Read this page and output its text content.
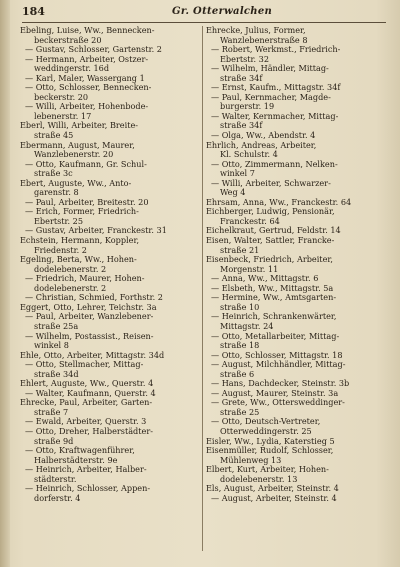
184	Gr. Otterwalchen
Ebeling, Luise, Ww., Bennecken-
beckerstraße 20
— Gustav, Schlosser, Gartenstr. 2
— Hermann, Arbeiter, Ostzer-
weddingerstr. 16d
— Karl, Maler, Wassergang 1
— Otto, Schlosser, Bennecken-
beckerstr. 20
— Willi, Arbeiter, Hohenbode-
lebenerstr. 17
Eberl, Willi, Arbeiter, Breite-
straße 45
Ebermann, August, Maurer,
Wanzlebenerstr. 20
— Otto, Kaufmann, Gr. Schul-
straße 3c
Ebert, Auguste, Ww., Anto-
garenstr. 8
— Paul, Arbeiter, Breitestr. 20
— Erich, Former, Friedrich-
Ebertstr. 25
— Gustav, Arbeiter, Franckestr. 31
Echstein, Hermann, Koppler,
Friedenstr. 2
Egeling, Berta, Ww., Hohen-
dodelebenerstr. 2
— Friedrich, Maurer, Hohen-
dodelebenerstr. 2
— Christian, Schmied, Forthstr. 2
Eggert, Otto, Lehrer, Teichstr. 3a
— Paul, Arbeiter, Wanzlebener-
straße 25a
— Wilhelm, Postassist., Reisen-
winkel 8
Ehle, Otto, Arbeiter, Mittagstr. 34d
— Otto, Stellmacher, Mittag-
straße 34d
Ehlert, Auguste, Ww., Querstr. 4
— Walter, Kaufmann, Querstr. 4
Ehrecke, Paul, Arbeiter, Garten-
straße 7
— Ewald, Arbeiter, Querstr. 3
— Otto, Dreher, Halberstädter-
straße 9d
— Otto, Kraftwagenführer,
Halberstädterstr. 9e
— Heinrich, Arbeiter, Halber-
städterstr.
— Heinrich, Schlosser, Appen-
dorferstr. 4
Ehrecke, Julius, Former,
Wanzlebenerstraße 8
— Robert, Werkmst., Friedrich-
Ebertstr. 32
— Wilhelm, Händler, Mittag-
straße 34f
— Ernst, Kaufm., Mittagstr. 34f
— Paul, Kernmacher, Magde-
burgerstr. 19
— Walter, Kernmacher, Mittag-
straße 34f
— Olga, Ww., Abendstr. 4
Ehrlich, Andreas, Arbeiter,
Kl. Schulstr. 4
— Otto, Zimmermann, Nelken-
winkel 7
— Willi, Arbeiter, Schwarzer-
Weg 4
Ehrsam, Anna, Ww., Franckestr. 64
Eichberger, Ludwig, Pensionär,
Franckestr. 64
Eichelkraut, Gertrud, Feldstr. 14
Eisen, Walter, Sattler, Francke-
straße 21
Eisenbeck, Friedrich, Arbeiter,
Morgenstr. 11
— Anna, Ww., Mittagstr. 6
— Elsbeth, Ww., Mittagstr. 5a
— Hermine, Ww., Amtsgarten-
straße 10
— Heinrich, Schrankenwärter,
Mittagstr. 24
— Otto, Metallarbeiter, Mittag-
straße 18
— Otto, Schlosser, Mittagstr. 18
— August, Milchhändler, Mittag-
straße 6
— Hans, Dachdecker, Steinstr. 3b
— August, Maurer, Steinstr. 3a
— Grete, Ww., Ottersweddinger-
straße 25
— Otto, Deutsch-Vertreter,
Otterweddingerstr. 25
Eisler, Ww., Lydia, Katerstieg 5
Eisenmüller, Rudolf, Schlosser,
Mühlenweg 13
Elbert, Kurt, Arbeiter, Hohen-
dodelebenerstr. 13
Els, August, Arbeiter, Steinstr. 4
— August, Arbeiter, Steinstr. 4
